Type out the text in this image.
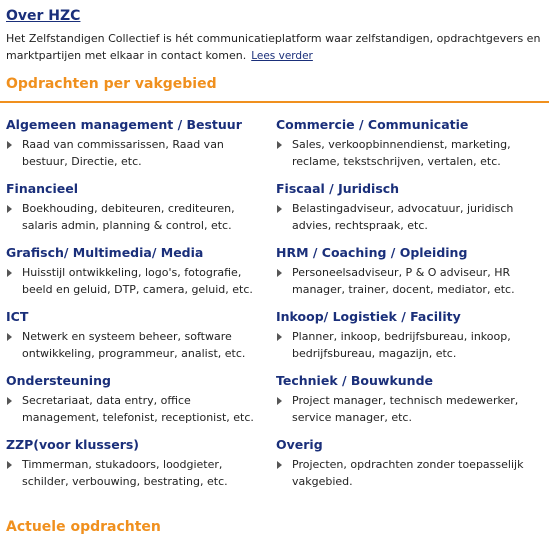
Over HZC

Het Zelfstandigen Collectief is hét communicatieplatform waar zelfstandigen, opdrachtgevers en marktpartijen met elkaar in contact komen. Lees verder

Opdrachten per vakgebied
Algemeen management / Bestuur
Raad van commissarissen, Raad van bestuur, Directie, etc.
Commercie / Communicatie
Sales, verkoopbinnendienst, marketing, reclame, tekstschrijven, vertalen, etc.
Financieel
Boekhouding, debiteuren, crediteuren, salaris admin, planning & control, etc.
Fiscaal / Juridisch
Belastingadviseur, advocatuur, juridisch advies, rechtspraak, etc.
Grafisch/ Multimedia/ Media
Huisstijl ontwikkeling, logo's, fotografie, beeld en geluid, DTP, camera, geluid, etc.
HRM / Coaching / Opleiding
Personeelsadviseur, P & O adviseur, HR manager, trainer, docent, mediator, etc.
ICT
Netwerk en systeem beheer, software ontwikkeling, programmeur, analist, etc.
Inkoop/ Logistiek / Facility
Planner, inkoop, bedrijfsbureau, inkoop, bedrijfsbureau, magazijn, etc.
Ondersteuning
Secretariaat, data entry, office management, telefonist, receptionist, etc.
Techniek / Bouwkunde
Project manager, technisch medewerker, service manager, etc.
ZZP(voor klussers)
Timmerman, stukadoors, loodgieter, schilder, verbouwing, bestrating, etc.
Overig
Projecten, opdrachten zonder toepasselijk vakgebied.
Actuele opdrachten
